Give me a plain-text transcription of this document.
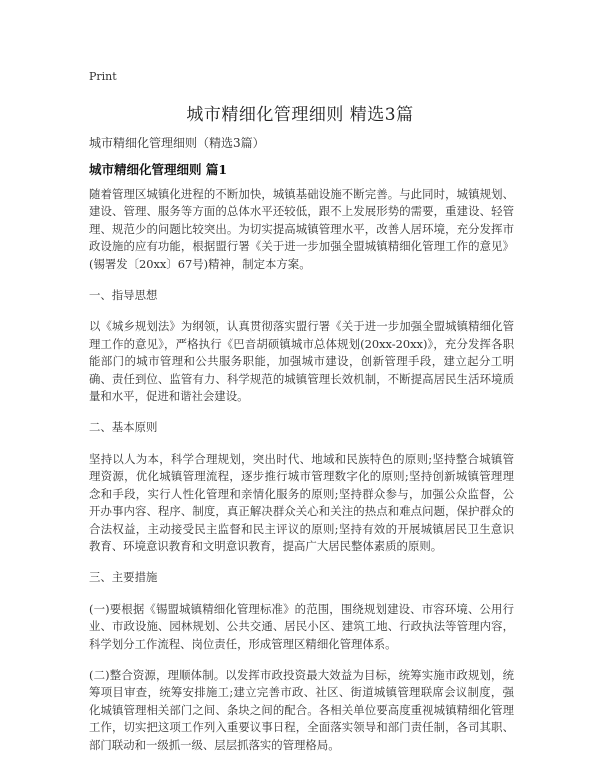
Print
城市精细化管理细则 精选3篇
城市精细化管理细则（精选3篇）
城市精细化管理细则 篇1

随着管理区城镇化进程的不断加快，城镇基础设施不断完善。与此同时，城镇规划、建设、管理、服务等方面的总体水平还较低，跟不上发展形势的需要，重建设、轻管理、规范少的问题比较突出。为切实提高城镇管理水平，改善人居环境，充分发挥市政设施的应有功能，根据盟行署《关于进一步加强全盟城镇精细化管理工作的意见》(锡署发〔20xx〕67号)精神，制定本方案。

一、指导思想

以《城乡规划法》为纲领，认真贯彻落实盟行署《关于进一步加强全盟城镇精细化管理工作的意见》，严格执行《巴音胡硕镇城市总体规划(20xx-20xx)》，充分发挥各职能部门的城市管理和公共服务职能，加强城市建设，创新管理手段，建立起分工明确、责任到位、监管有力、科学规范的城镇管理长效机制，不断提高居民生活环境质量和水平，促进和谐社会建设。

二、基本原则

坚持以人为本，科学合理规划，突出时代、地域和民族特色的原则;坚持整合城镇管理资源，优化城镇管理流程，逐步推行城市管理数字化的原则;坚持创新城镇管理理念和手段，实行人性化管理和亲情化服务的原则;坚持群众参与，加强公众监督，公开办事内容、程序、制度，真正解决群众关心和关注的热点和难点问题，保护群众的合法权益，主动接受民主监督和民主评议的原则;坚持有效的开展城镇居民卫生意识教育、环境意识教育和文明意识教育，提高广大居民整体素质的原则。

三、主要措施

(一)要根据《锡盟城镇精细化管理标准》的范围，围绕规划建设、市容环境、公用行业、市政设施、园林规划、公共交通、居民小区、建筑工地、行政执法等管理内容，科学划分工作流程、岗位责任，形成管理区精细化管理体系。

(二)整合资源，理顺体制。以发挥市政投资最大效益为目标，统筹实施市政规划，统筹项目审查，统筹安排施工;建立完善市政、社区、街道城镇管理联席会议制度，强化城镇管理相关部门之间、条块之间的配合。各相关单位要高度重视城镇精细化管理工作，切实把这项工作列入重要议事日程，全面落实领导和部门责任制，各司其职、部门联动和一级抓一级、层层抓落实的管理格局。
